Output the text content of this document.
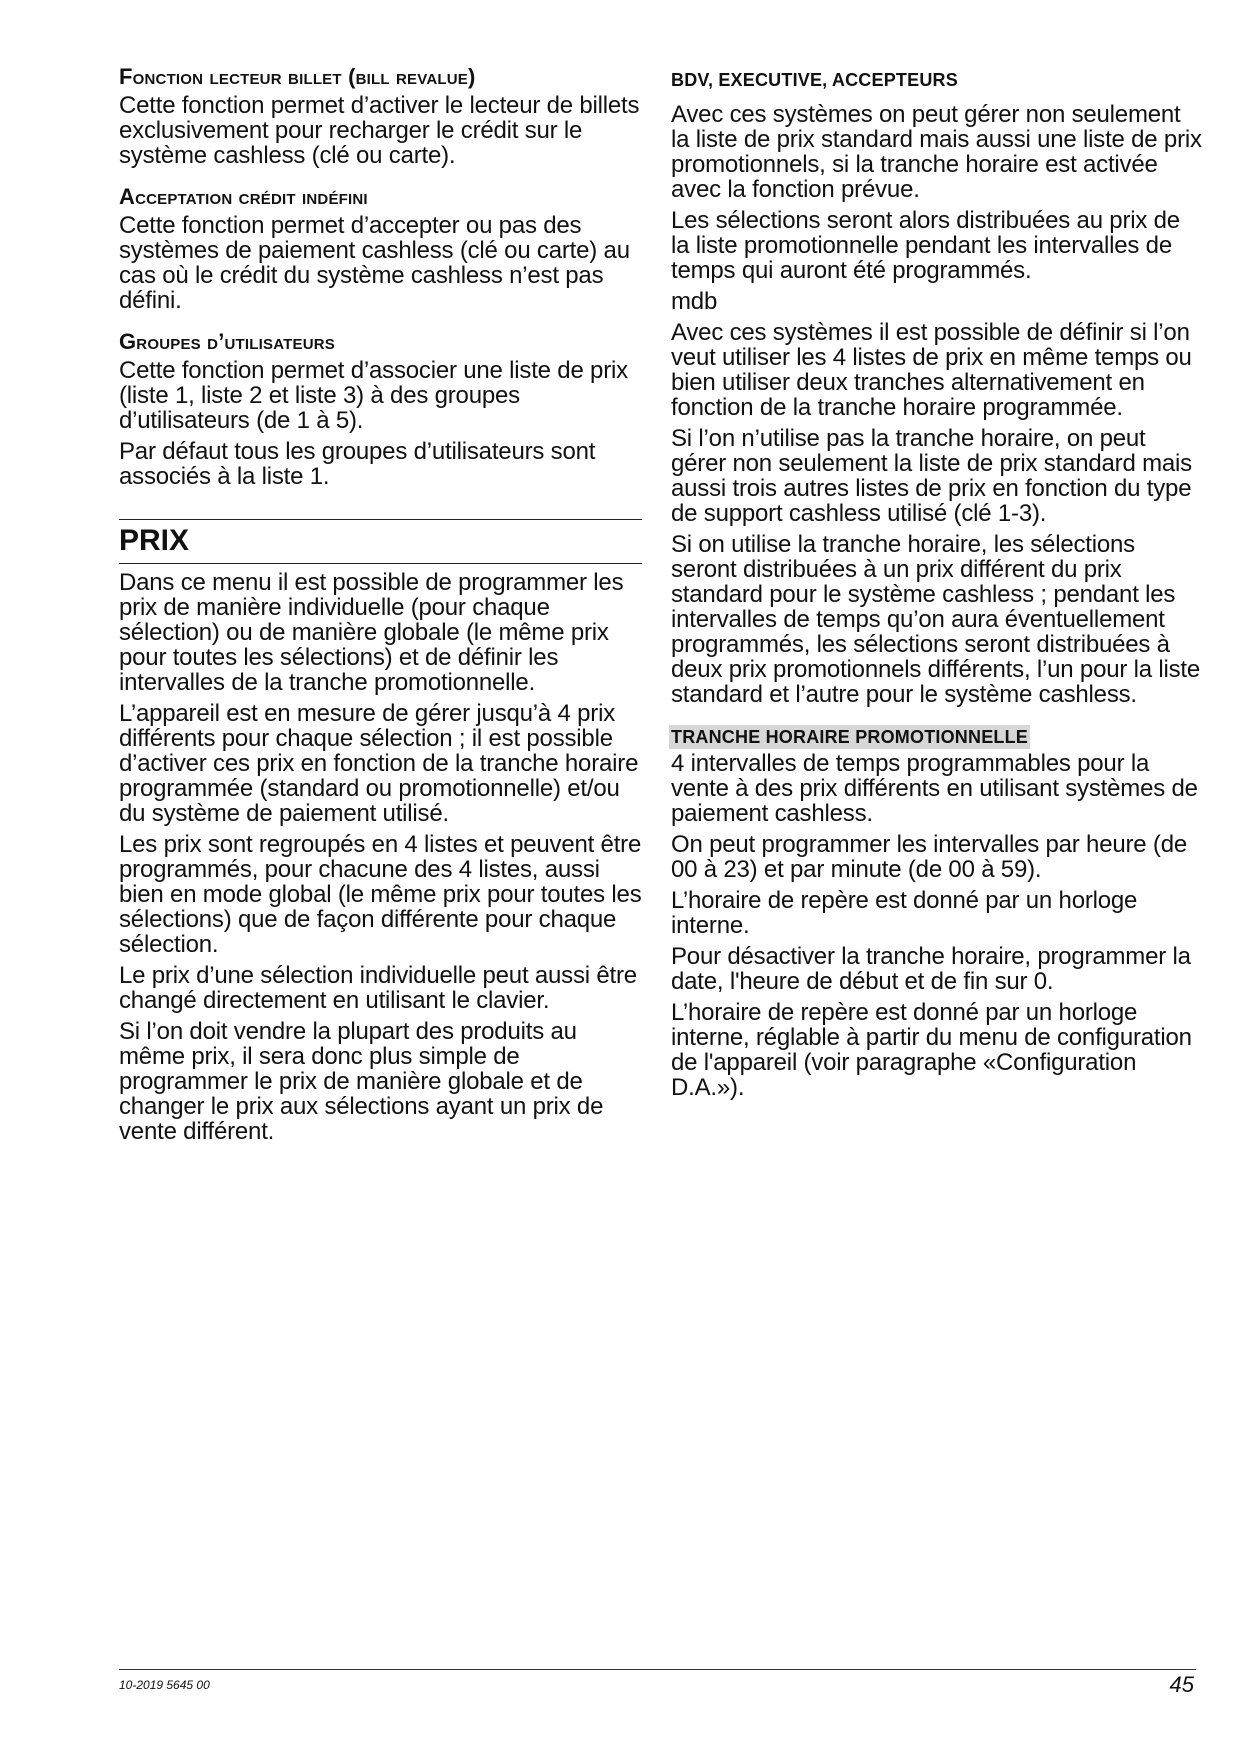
Fonction lecteur billet (bill revalue)

Cette fonction permet d’activer le lecteur de billets exclusivement pour recharger le crédit sur le système cashless (clé ou carte).

Acceptation crédit indéfini

Cette fonction permet d’accepter ou pas des systèmes de paiement cashless (clé ou carte) au cas où le crédit du système cashless n’est pas défini.

Groupes d’utilisateurs

Cette fonction permet d’associer une liste de prix (liste 1, liste 2 et liste 3) à des groupes d’utilisateurs (de 1 à 5).

Par défaut tous les groupes d’utilisateurs sont associés à la liste 1.

PRIX

Dans ce menu il est possible de programmer les prix de manière individuelle (pour chaque sélection) ou de manière globale (le même prix pour toutes les sélections) et de définir les intervalles de la tranche promotionnelle.

L’appareil est en mesure de gérer jusqu’à 4 prix différents pour chaque sélection ; il est possible d’activer ces prix en fonction de la tranche horaire programmée (standard ou promotionnelle) et/ou du système de paiement utilisé.

Les prix sont regroupés en 4 listes et peuvent être programmés, pour chacune des 4 listes, aussi bien en mode global (le même prix pour toutes les sélections) que de façon différente pour chaque sélection.

Le prix d’une sélection individuelle peut aussi être changé directement en utilisant le clavier.

Si l’on doit vendre la plupart des produits au même prix, il sera donc plus simple de programmer le prix de manière globale et de changer le prix aux sélections ayant un prix de vente différent.

BDV, EXECUTIVE, ACCEPTEURS

Avec ces systèmes on peut gérer non seulement la liste de prix standard mais aussi une liste de prix promotionnels, si la tranche horaire est activée avec la fonction prévue.

Les sélections seront alors distribuées au prix de la liste promotionnelle pendant les intervalles de temps qui auront été programmés.

mdb

Avec ces systèmes il est possible de définir si l’on veut utiliser les 4 listes de prix en même temps ou bien utiliser deux tranches alternativement en fonction de la tranche horaire programmée.

Si l’on n’utilise pas la tranche horaire, on peut gérer non seulement la liste de prix standard mais aussi trois autres listes de prix en fonction du type de support cashless utilisé (clé 1-3).

Si on utilise la tranche horaire, les sélections seront distribuées à un prix différent du prix standard pour le système cashless ; pendant les intervalles de temps qu’on aura éventuellement programmés, les sélections seront distribuées à deux prix promotionnels différents, l’un pour la liste standard et l’autre pour le système cashless.

TRANCHE HORAIRE PROMOTIONNELLE

4 intervalles de temps programmables pour la vente à des prix différents en utilisant systèmes de paiement cashless.

On peut programmer les intervalles par heure (de 00 à 23) et par minute (de 00 à 59).

L’horaire de repère est donné par un horloge interne.

Pour désactiver la tranche horaire, programmer la date, l'heure de début et de fin sur 0.

L’horaire de repère est donné par un horloge interne, réglable à partir du menu de configuration de l'appareil (voir paragraphe «Configuration D.A.»).

10-2019 5645 00	45
